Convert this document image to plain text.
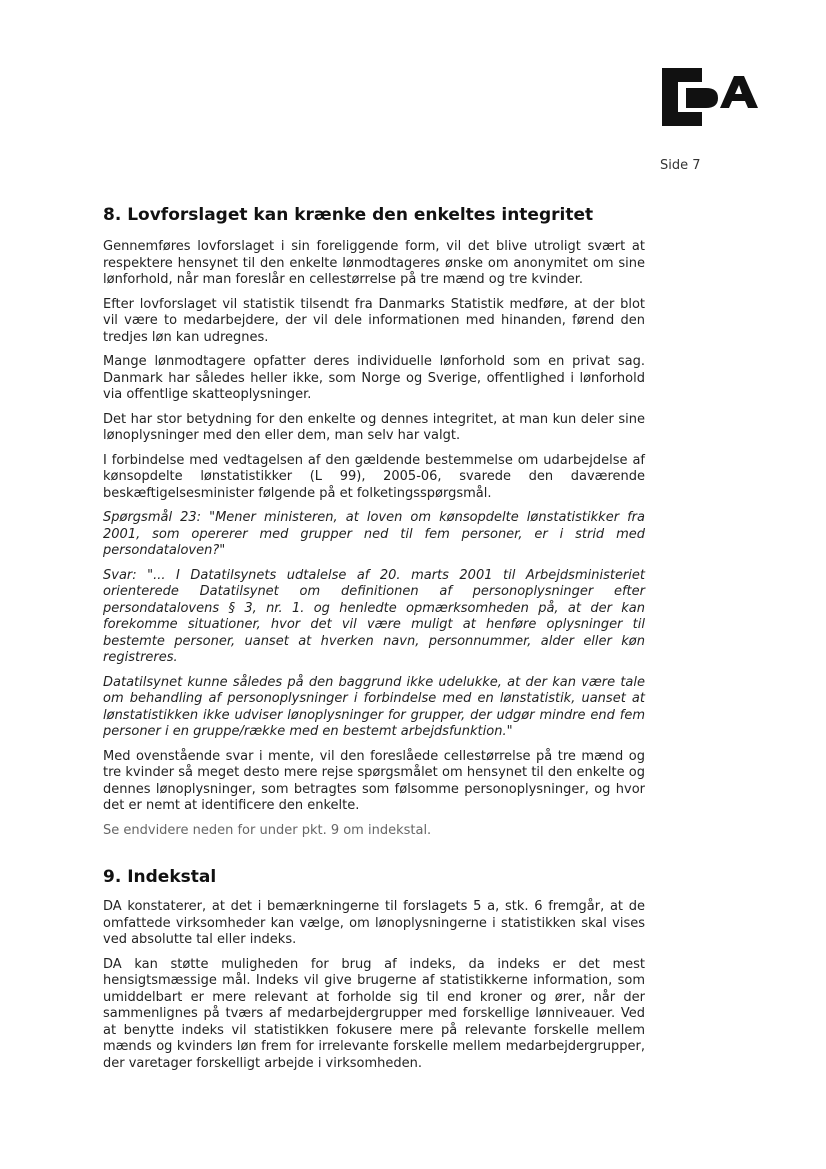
Side 7
8. Lovforslaget kan krænke den enkeltes integritet

Gennemføres lovforslaget i sin foreliggende form, vil det blive utroligt svært at respektere hensynet til den enkelte lønmodtageres ønske om anonymitet om sine lønforhold, når man foreslår en cellestørrelse på tre mænd og tre kvinder.

Efter lovforslaget vil statistik tilsendt fra Danmarks Statistik medføre, at der blot vil være to medarbejdere, der vil dele informationen med hinanden, førend den tredjes løn kan udregnes.

Mange lønmodtagere opfatter deres individuelle lønforhold som en privat sag. Danmark har således heller ikke, som Norge og Sverige, offentlighed i lønforhold via offentlige skatteoplysninger.

Det har stor betydning for den enkelte og dennes integritet, at man kun deler sine lønoplysninger med den eller dem, man selv har valgt.

I forbindelse med vedtagelsen af den gældende bestemmelse om udarbejdelse af kønsopdelte lønstatistikker (L 99), 2005-06, svarede den daværende beskæftigelsesminister følgende på et folketingsspørgsmål.

Spørgsmål 23: "Mener ministeren, at loven om kønsopdelte lønstatistikker fra 2001, som opererer med grupper ned til fem personer, er i strid med persondataloven?"

Svar: "... I Datatilsynets udtalelse af 20. marts 2001 til Arbejdsministeriet orienterede Datatilsynet om definitionen af personoplysninger efter persondatalovens § 3, nr. 1. og henledte opmærksomheden på, at der kan forekomme situationer, hvor det vil være muligt at henføre oplysninger til bestemte personer, uanset at hverken navn, personnummer, alder eller køn registreres.

Datatilsynet kunne således på den baggrund ikke udelukke, at der kan være tale om behandling af personoplysninger i forbindelse med en lønstatistik, uanset at lønstatistikken ikke udviser lønoplysninger for grupper, der udgør mindre end fem personer i en gruppe/række med en bestemt arbejdsfunktion."

Med ovenstående svar i mente, vil den foreslåede cellestørrelse på tre mænd og tre kvinder så meget desto mere rejse spørgsmålet om hensynet til den enkelte og dennes lønoplysninger, som betragtes som følsomme personoplysninger, og hvor det er nemt at identificere den enkelte.

Se endvidere neden for under pkt. 9 om indekstal.

9. Indekstal

DA konstaterer, at det i bemærkningerne til forslagets 5 a, stk. 6 fremgår, at de omfattede virksomheder kan vælge, om lønoplysningerne i statistikken skal vises ved absolutte tal eller indeks.

DA kan støtte muligheden for brug af indeks, da indeks er det mest hensigtsmæssige mål. Indeks vil give brugerne af statistikkerne information, som umiddelbart er mere relevant at forholde sig til end kroner og ører, når der sammenlignes på tværs af medarbejdergrupper med forskellige lønniveauer. Ved at benytte indeks vil statistikken fokusere mere på relevante forskelle mellem mænds og kvinders løn frem for irrelevante forskelle mellem medarbejdergrupper, der varetager forskelligt arbejde i virksomheden.
